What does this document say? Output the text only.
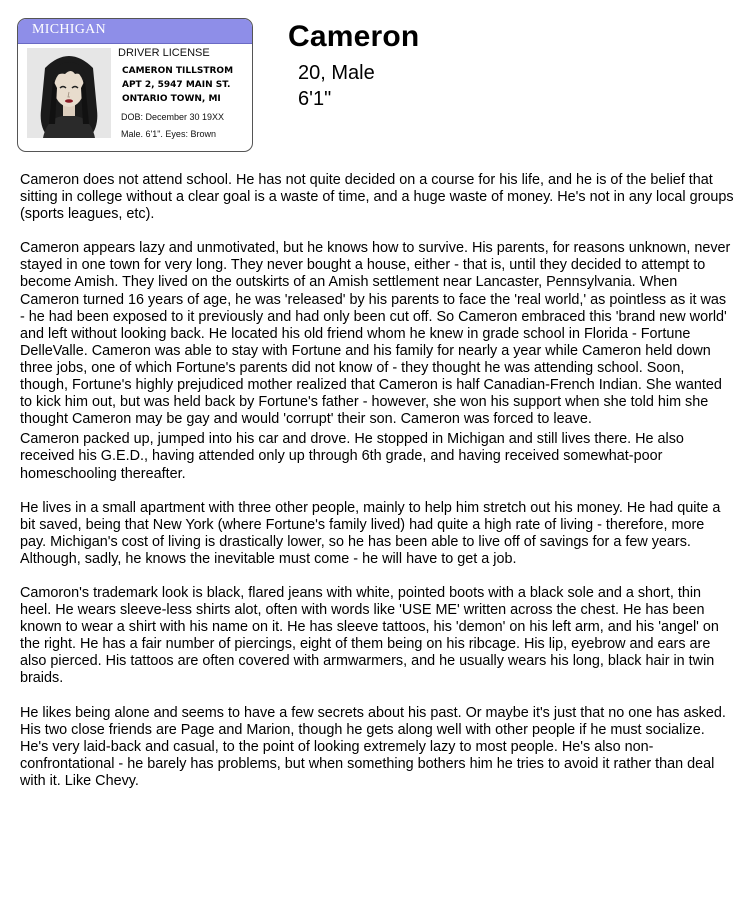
MICHIGAN
DRIVER LICENSE
CAMERON TILLSTROM
APT 2, 5947 MAIN ST.
ONTARIO TOWN, MI
DOB: December 30 19XX
Male. 6'1". Eyes: Brown
Cameron
20, Male
6'1"

Cameron does not attend school. He has not quite decided on a course for his life, and he is of the belief that sitting in college without a clear goal is a waste of time, and a huge waste of money. He's not in any local groups (sports leagues, etc).

Cameron appears lazy and unmotivated, but he knows how to survive. His parents, for reasons unknown, never stayed in one town for very long. They never bought a house, either - that is, until they decided to attempt to become Amish. They lived on the outskirts of an Amish settlement near Lancaster, Pennsylvania. When Cameron turned 16 years of age, he was 'released' by his parents to face the 'real world,' as pointless as it was - he had been exposed to it previously and had only been cut off. So Cameron embraced this 'brand new world' and left without looking back. He located his old friend whom he knew in grade school in Florida - Fortune DelleValle. Cameron was able to stay with Fortune and his family for nearly a year while Cameron held down three jobs, one of which Fortune's parents did not know of - they thought he was attending school. Soon, though, Fortune's highly prejudiced mother realized that Cameron is half Canadian-French Indian. She wanted to kick him out, but was held back by Fortune's father - however, she won his support when she told him she thought Cameron may be gay and would 'corrupt' their son. Cameron was forced to leave.

Cameron packed up, jumped into his car and drove. He stopped in Michigan and still lives there. He also received his G.E.D., having attended only up through 6th grade, and having received somewhat-poor homeschooling thereafter.

He lives in a small apartment with three other people, mainly to help him stretch out his money. He had quite a bit saved, being that New York (where Fortune's family lived) had quite a high rate of living - therefore, more pay. Michigan's cost of living is drastically lower, so he has been able to live off of savings for a few years. Although, sadly, he knows the inevitable must come - he will have to get a job.

Camoron's trademark look is black, flared jeans with white, pointed boots with a black sole and a short, thin heel. He wears sleeve-less shirts alot, often with words like 'USE ME' written across the chest. He has been known to wear a shirt with his name on it. He has sleeve tattoos, his 'demon' on his left arm, and his 'angel' on the right. He has a fair number of piercings, eight of them being on his ribcage. His lip, eyebrow and ears are also pierced. His tattoos are often covered with armwarmers, and he usually wears his long, black hair in twin braids.

He likes being alone and seems to have a few secrets about his past. Or maybe it's just that no one has asked. His two close friends are Page and Marion, though he gets along well with other people if he must socialize. He's very laid-back and casual, to the point of looking extremely lazy to most people. He's also non-confrontational - he barely has problems, but when something bothers him he tries to avoid it rather than deal with it. Like Chevy.
